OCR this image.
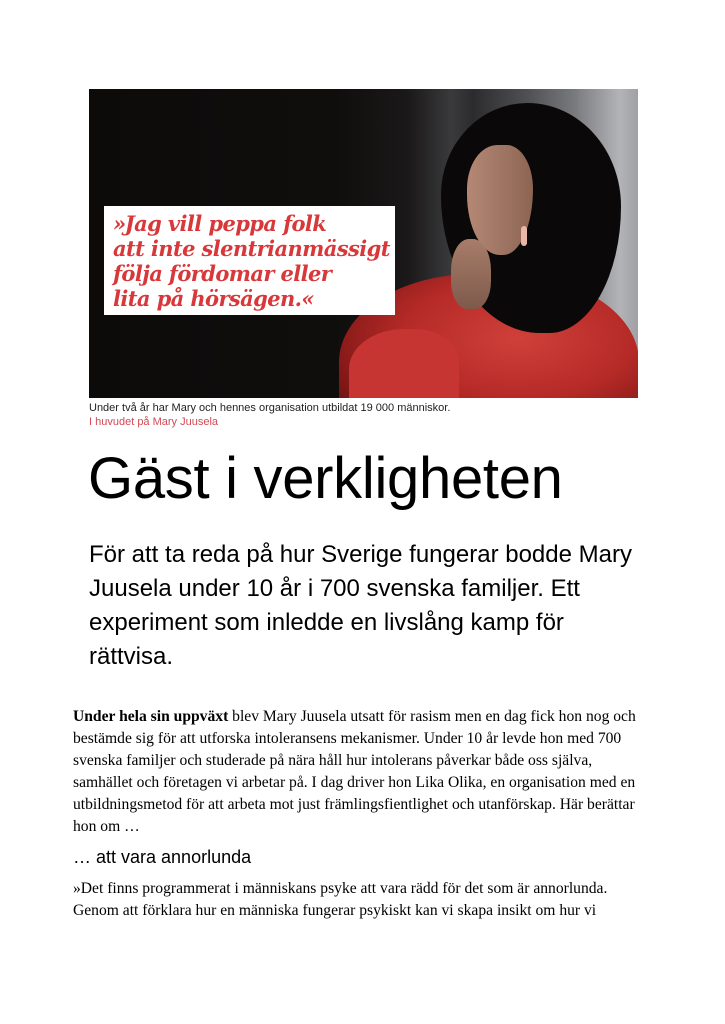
»Jag vill peppa folk
att inte slentrianmässigt
följa fördomar eller
lita på hörsägen.«
Under två år har Mary och hennes organisation utbildat 19 000 människor.
I huvudet på Mary Juusela
Gäst i verkligheten

För att ta reda på hur Sverige fungerar bodde Mary Juusela under 10 år i 700 svenska familjer. Ett experiment som inledde en livslång kamp för rättvisa.

Under hela sin uppväxt blev Mary Juusela utsatt för rasism men en dag fick hon nog och bestämde sig för att utforska intoleransens mekanismer. Under 10 år levde hon med 700 svenska familjer och studerade på nära håll hur intolerans påverkar både oss själva, samhället och företagen vi arbetar på. I dag driver hon Lika Olika, en organisation med en utbildningsmetod för att arbeta mot just främlingsfientlighet och utanförskap. Här berättar hon om …

… att vara annorlunda

»Det finns programmerat i människans psyke att vara rädd för det som är annorlunda. Genom att förklara hur en människa fungerar psykiskt kan vi skapa insikt om hur vi
